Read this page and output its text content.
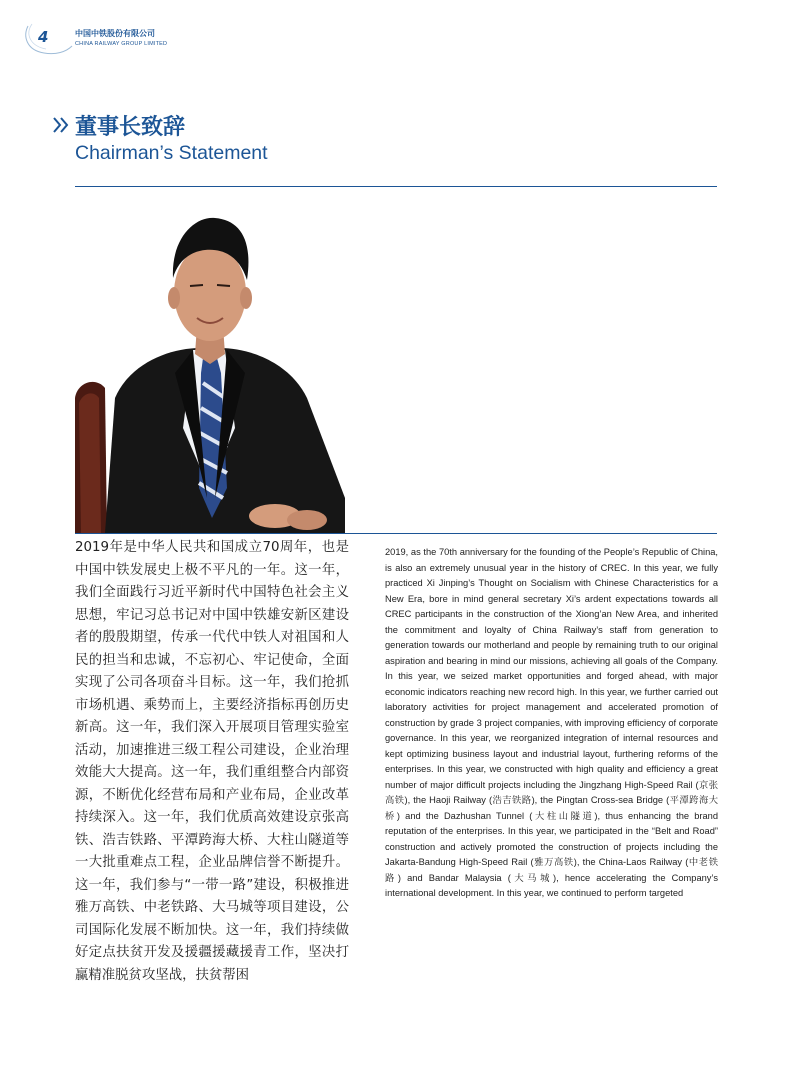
4	中国中铁股份有限公司
CHINA RAILWAY GROUP LIMITED
董事长致辞
Chairman’s Statement
2019年是中华人民共和国成立70周年，也是中国中铁发展史上极不平凡的一年。这一年，我们全面践行习近平新时代中国特色社会主义思想，牢记习总书记对中国中铁雄安新区建设者的殷殷期望，传承一代代中铁人对祖国和人民的担当和忠诚，不忘初心、牢记使命，全面实现了公司各项奋斗目标。这一年，我们抢抓市场机遇、乘势而上，主要经济指标再创历史新高。这一年，我们深入开展项目管理实验室活动，加速推进三级工程公司建设，企业治理效能大大提高。这一年，我们重组整合内部资源，不断优化经营布局和产业布局，企业改革持续深入。这一年，我们优质高效建设京张高铁、浩吉铁路、平潭跨海大桥、大柱山隧道等一大批重难点工程，企业品牌信誉不断提升。这一年，我们参与“一带一路”建设，积极推进雅万高铁、中老铁路、大马城等项目建设，公司国际化发展不断加快。这一年，我们持续做好定点扶贫开发及援疆援藏援青工作，坚决打赢精准脱贫攻坚战，扶贫帮困
2019, as the 70th anniversary for the founding of the People’s Republic of China, is also an extremely unusual year in the history of CREC. In this year, we fully practiced Xi Jinping’s Thought on Socialism with Chinese Characteristics for a New Era, bore in mind general secretary Xi’s ardent expectations towards all CREC participants in the construction of the Xiong’an New Area, and inherited the commitment and loyalty of China Railway’s staff from generation to generation towards our motherland and people by remaining truth to our original aspiration and bearing in mind our missions, achieving all goals of the Company. In this year, we seized market opportunities and forged ahead, with major economic indicators reaching new record high. In this year, we further carried out laboratory activities for project management and accelerated promotion of construction by grade 3 project companies, with improving efficiency of corporate governance. In this year, we reorganized integration of internal resources and kept optimizing business layout and industrial layout, furthering reforms of the enterprises. In this year, we constructed with high quality and efficiency a great number of major difficult projects including the Jingzhang High-Speed Rail (京张高铁), the Haoji Railway (浩吉铁路), the Pingtan Cross-sea Bridge (平潭跨海大桥) and the Dazhushan Tunnel (大柱山隧道), thus enhancing the brand reputation of the enterprises. In this year, we participated in the “Belt and Road” construction and actively promoted the construction of projects including the Jakarta-Bandung High-Speed Rail (雅万高铁), the China-Laos Railway (中老铁路) and Bandar Malaysia (大马城), hence accelerating the Company’s international development. In this year, we continued to perform targeted
